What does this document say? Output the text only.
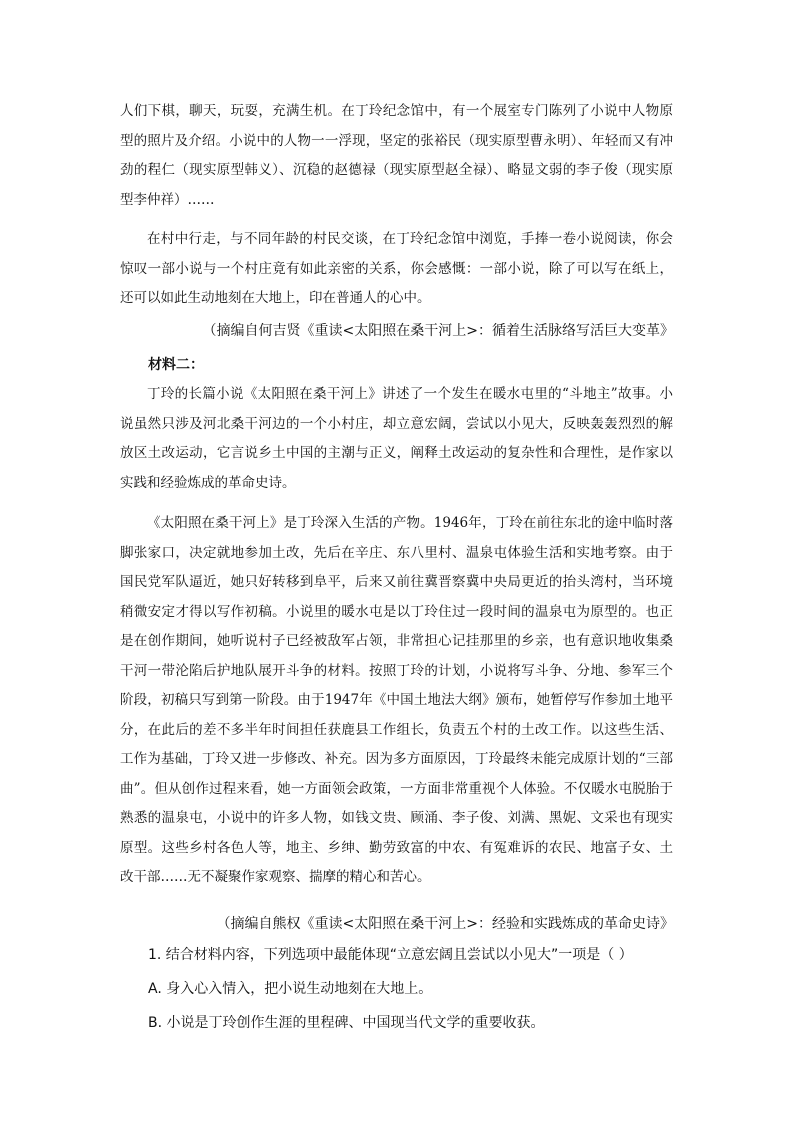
人们下棋，聊天，玩耍，充满生机。在丁玲纪念馆中，有一个展室专门陈列了小说中人物原型的照片及介绍。小说中的人物一一浮现，坚定的张裕民（现实原型曹永明）、年轻而又有冲劲的程仁（现实原型韩义）、沉稳的赵德禄（现实原型赵全禄）、略显文弱的李子俊（现实原型李仲祥）……

在村中行走，与不同年龄的村民交谈，在丁玲纪念馆中浏览，手捧一卷小说阅读，你会惊叹一部小说与一个村庄竟有如此亲密的关系，你会感慨：一部小说，除了可以写在纸上，还可以如此生动地刻在大地上，印在普通人的心中。

（摘编自何吉贤《重读<太阳照在桑干河上>：循着生活脉络写活巨大变革》
材料二：

丁玲的长篇小说《太阳照在桑干河上》讲述了一个发生在暖水屯里的“斗地主”故事。小说虽然只涉及河北桑干河边的一个小村庄，却立意宏阔，尝试以小见大，反映轰轰烈烈的解放区土改运动，它言说乡土中国的主潮与正义，阐释土改运动的复杂性和合理性，是作家以实践和经验炼成的革命史诗。

《太阳照在桑干河上》是丁玲深入生活的产物。1946年，丁玲在前往东北的途中临时落脚张家口，决定就地参加土改，先后在辛庄、东八里村、温泉屯体验生活和实地考察。由于国民党军队逼近，她只好转移到阜平，后来又前往冀晋察冀中央局更近的抬头湾村，当环境稍微安定才得以写作初稿。小说里的暖水屯是以丁玲住过一段时间的温泉屯为原型的。也正是在创作期间，她听说村子已经被敌军占领，非常担心记挂那里的乡亲，也有意识地收集桑干河一带沦陷后护地队展开斗争的材料。按照丁玲的计划，小说将写斗争、分地、参军三个阶段，初稿只写到第一阶段。由于1947年《中国土地法大纲》颁布，她暂停写作参加土地平分，在此后的差不多半年时间担任获鹿县工作组长，负责五个村的土改工作。以这些生活、工作为基础，丁玲又进一步修改、补充。因为多方面原因，丁玲最终未能完成原计划的“三部曲”。但从创作过程来看，她一方面领会政策，一方面非常重视个人体验。不仅暖水屯脱胎于熟悉的温泉屯，小说中的许多人物，如钱文贵、顾涌、李子俊、刘满、黑妮、文采也有现实原型。这些乡村各色人等，地主、乡绅、勤劳致富的中农、有冤难诉的农民、地富子女、土改干部……无不凝聚作家观察、揣摩的精心和苦心。

（摘编自熊权《重读<太阳照在桑干河上>：经验和实践炼成的革命史诗》
1. 结合材料内容，下列选项中最能体现“立意宏阔且尝试以小见大”一项是（ ）
A. 身入心入情入，把小说生动地刻在大地上。
B. 小说是丁玲创作生涯的里程碑、中国现当代文学的重要收获。
